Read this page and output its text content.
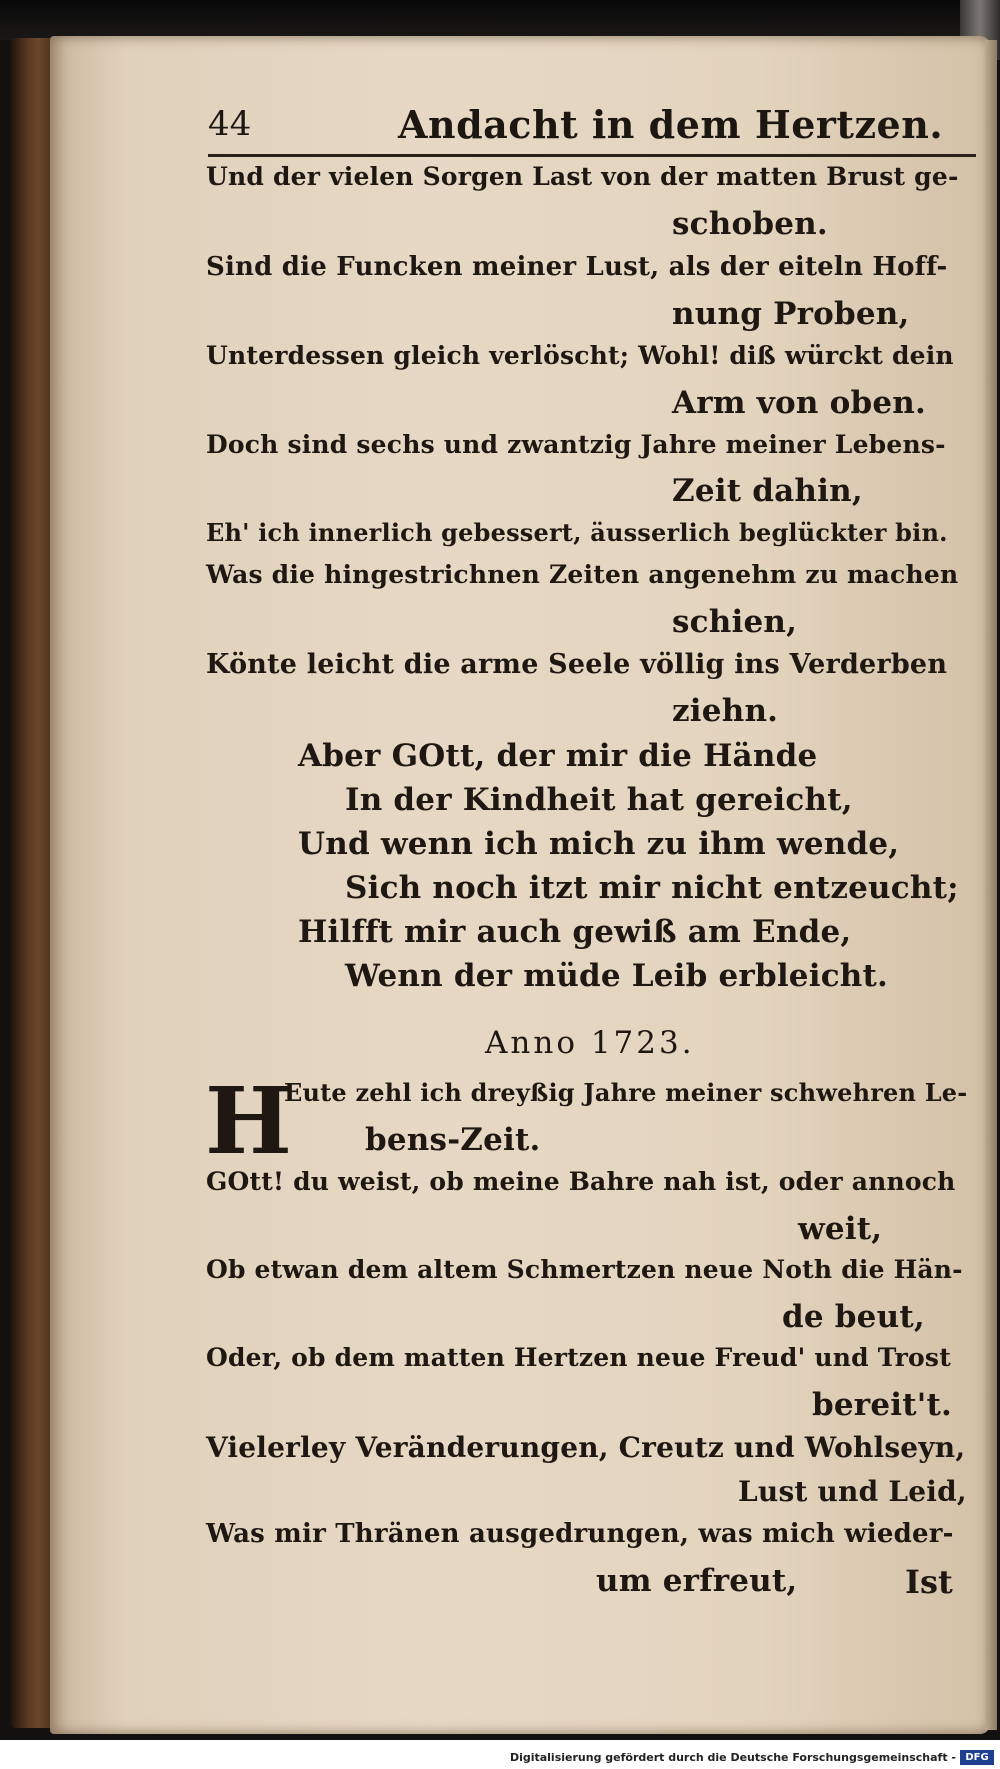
44	Andacht in dem Hertzen.
Und der vielen Sorgen Last von der matten Brust ge-
schoben.
Sind die Funcken meiner Lust, als der eiteln Hoff-
nung Proben,
Unterdessen gleich verlöscht; Wohl! diß würckt dein
Arm von oben.
Doch sind sechs und zwantzig Jahre meiner Lebens-
Zeit dahin,
Eh' ich innerlich gebessert, äusserlich beglückter bin.
Was die hingestrichnen Zeiten angenehm zu machen
schien,
Könte leicht die arme Seele völlig ins Verderben
ziehn.
Aber GOtt, der mir die Hände
In der Kindheit hat gereicht,
Und wenn ich mich zu ihm wende,
Sich noch itzt mir nicht entzeucht;
Hilfft mir auch gewiß am Ende,
Wenn der müde Leib erbleicht.
Anno 1723.
H
Eute zehl ich dreyßig Jahre meiner schwehren Le-
bens-Zeit.
GOtt! du weist, ob meine Bahre nah ist, oder annoch
weit,
Ob etwan dem altem Schmertzen neue Noth die Hän-
de beut,
Oder, ob dem matten Hertzen neue Freud' und Trost
bereit't.
Vielerley Veränderungen, Creutz und Wohlseyn,
Lust und Leid,
Was mir Thränen ausgedrungen, was mich wieder-
um erfreut,	Ist
Digitalisierung gefördert durch die Deutsche Forschungsgemeinschaft - DFG
